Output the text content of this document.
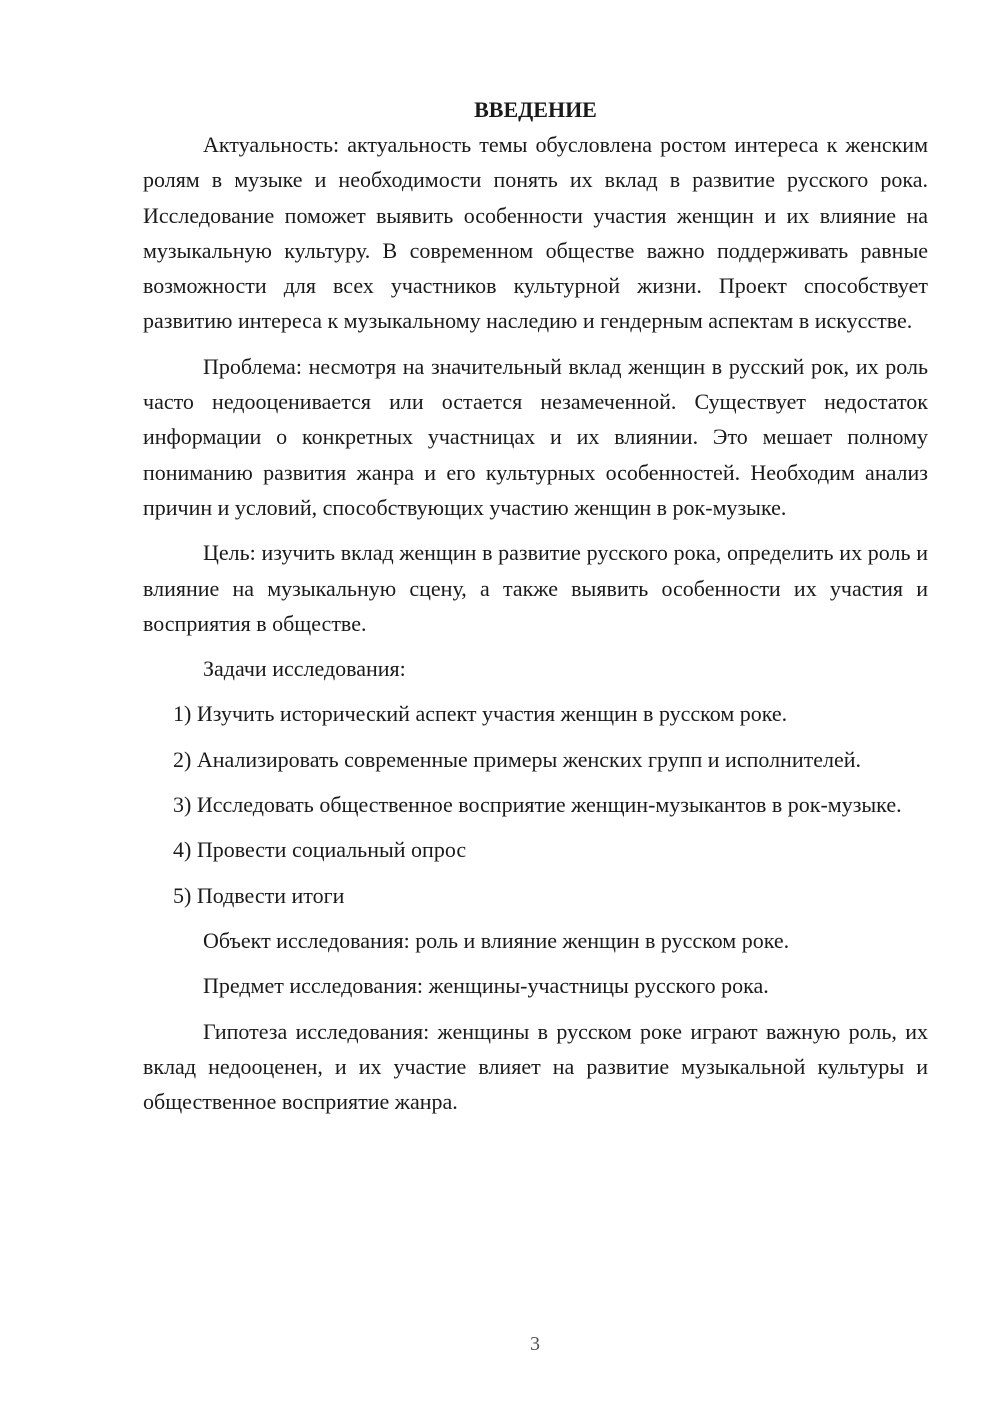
ВВЕДЕНИЕ

Актуальность: актуальность темы обусловлена ростом интереса к женским ролям в музыке и необходимости понять их вклад в развитие русского рока. Исследование поможет выявить особенности участия женщин и их влияние на музыкальную культуру. В современном обществе важно поддерживать равные возможности для всех участников культурной жизни. Проект способствует развитию интереса к музыкальному наследию и гендерным аспектам в искусстве.

Проблема: несмотря на значительный вклад женщин в русский рок, их роль часто недооценивается или остается незамеченной. Существует недостаток информации о конкретных участницах и их влиянии. Это мешает полному пониманию развития жанра и его культурных особенностей. Необходим анализ причин и условий, способствующих участию женщин в рок-музыке.

Цель: изучить вклад женщин в развитие русского рока, определить их роль и влияние на музыкальную сцену, а также выявить особенности их участия и восприятия в обществе.

Задачи исследования:

1) Изучить исторический аспект участия женщин в русском роке.

2) Анализировать современные примеры женских групп и исполнителей.

3) Исследовать общественное восприятие женщин-музыкантов в рок-музыке.

4) Провести социальный опрос

5) Подвести итоги

Объект исследования: роль и влияние женщин в русском роке.

Предмет исследования: женщины-участницы русского рока.

Гипотеза исследования: женщины в русском роке играют важную роль, их вклад недооценен, и их участие влияет на развитие музыкальной культуры и общественное восприятие жанра.

3
